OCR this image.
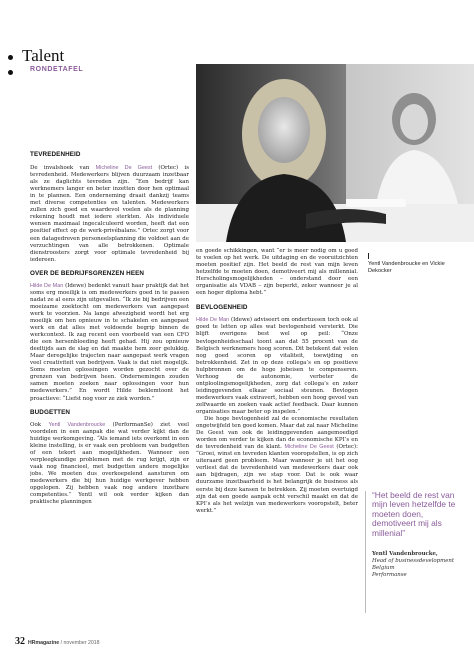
Talent
RONDETAFEL
Yentl Vandenbroucke en Vickie Dekocker
TEVREDENHEID

De invalshoek van Micheline De Geest (Ortec) is tevredenheid. Medewerkers blijven duurzaam inzetbaar als ze daglichts tevreden zijn. “Een bedrijf kan werknemers langer en beter inzetten door hen optimaal in te plannen. Een onderneming draait dankzij teams met diverse competenties en talenten. Medewerkers zullen zich goed en waardevol voelen als de planning rekening houdt met iedere sterkten. Als individuele wensen maximaal ingecalculeerd worden, heeft dat een positief effect op de werk-privébalans.” Ortec zorgt voor een datagedreven personeelsplanning die voldoet aan de verzuchtingen van alle betrokkenen. Optimale dienstroosters zorgt voor optimale tevredenheid bij iedereen.

OVER DE BEDRIJFSGRENZEN HEEN

Hilde De Man (Idewe) bedenkt vanuit haar praktijk dat het soms erg moeilijk is om medewerkers goed in te passen nadat ze al eens zijn uitgevallen. “Ik zie bij bedrijven een moeizame zoektocht om medewerkers van aangepast werk te voorzien. Na lange afwezigheid wordt het erg moeilijk om hen opnieuw in te schakelen en aangepast werk en dat alles met voldoende begrip binnen de werkcontext. Ik zag recent een voorbeeld van een CFO die een hersenbloeding heeft gehad. Hij zou opnieuw deeltijds aan de slag en dat maakte hem zeer gelukkig. Maar deregelijke trajecten naar aangepast werk vragen veel creativiteit van bedrijven. Vaak is dat niet mogelijk. Soms moeten oplossingen worden gezocht over de grenzen van bedrijven heen. Ondernemingen zouden samen moeten zoeken naar oplossingen voor hun medewerkers.” En wordt Hilde beklemtoont het proactieve: “Liefst nog voor ze ziek worden.”

BUDGETTEN

Ook Yentl Vandenbroucke (PerformanSe) ziet veel voordelen in een aanpak die wat verder kijkt dan de huidige werkomgeving. “Als iemand iets overkomt in een kleine instelling, is er vaak een probleem van budgetten of een tekort aan mogelijkheden. Wanneer een verpleegkundige problemen met de rug krijgt, zijn er vaak nog financieel, met budgetten andere mogelijke jobs. We moeten dus overkoepelend aansturen om medewerkers die bij hun huidige werkgever hebben opgelopen. Zij hebben vaak nog andere inzetbare competenties.” Yentl wil ook verder kijken dan praktische planningen

en goede schikkingen, want “er is meer nodig om u goed te voelen op het werk. De uitdaging en de vooruitzichten moeten positief zijn. Het beeld de rest van mijn leven hetzelfde te moeten doen, demotiveert mij als millennial. Herscholingsmogelijkheden – onderstand door een organisatie als VDAB – zijn beperkt, zeker wanneer je al een hoger diploma hebt.”

BEVLOGENHEID

Hilde De Man (Idewe) adviseert om ondertussen toch ook al goed te letten op alles wat bevlogenheid versterkt. Die blijft overigens best wel op peil: “Onze bevlogenheidsschaal toont aan dat 55 procent van de Belgisch werknemers hoog scoren. Dit betekent dat velen nog goed scoren op vitaliteit, toewijding en betrokkenheid. Zet in op deze collega’s en op positieve hulpbronnen om de hoge jobeisen te compenseren. Verhoog de autonomie, verbeter de ontploolingsmogelijkheden, zorg dat collega’s en zeker leidinggevenden elkaar sociaal steunen. Bevlogen medewerkers vaak extravert, hebben een hoog gevoel van zelfwaarde en zoeken vaak actief feedback. Daar kunnen organisaties maar beter op inspelen.”

Die hoge bevlogenheid zal de economische resultaten ongetwijfeld ten goed komen. Maar dat zal naar Micheline De Geest van ook de leidinggevenden aangemoedigd worden om verder te kijken dan de economische KPI’s en de tevredenheid van de klant. Micheline De Geest (Ortec): “Groei, winst en tevreden klanten vooropstellen, is op zich uiteraard geen probleem. Maar wanneer je uit het oog verliest dat de tevredenheid van medewerkers daar ook aan bijdragen, zijn we stap voor. Dat is ook waar duurzame inzetbaarheid is het belangrijk de business als eerste bij deze kansen te betrekken. Zij moeten overtuigd zijn dat een goede aanpak echt verschil maakt en dat de KPI’s als het welzijn van medewerkers vooropstelt, beter werkt.”

“Het beeld de rest van mijn leven hetzelfde te moeten doen, demotiveert mij als millenial”
Yentl Vandenbroucke,
Head of businessdevelopment
Belgium
Performanse
32 HRmagazine / november 2018
